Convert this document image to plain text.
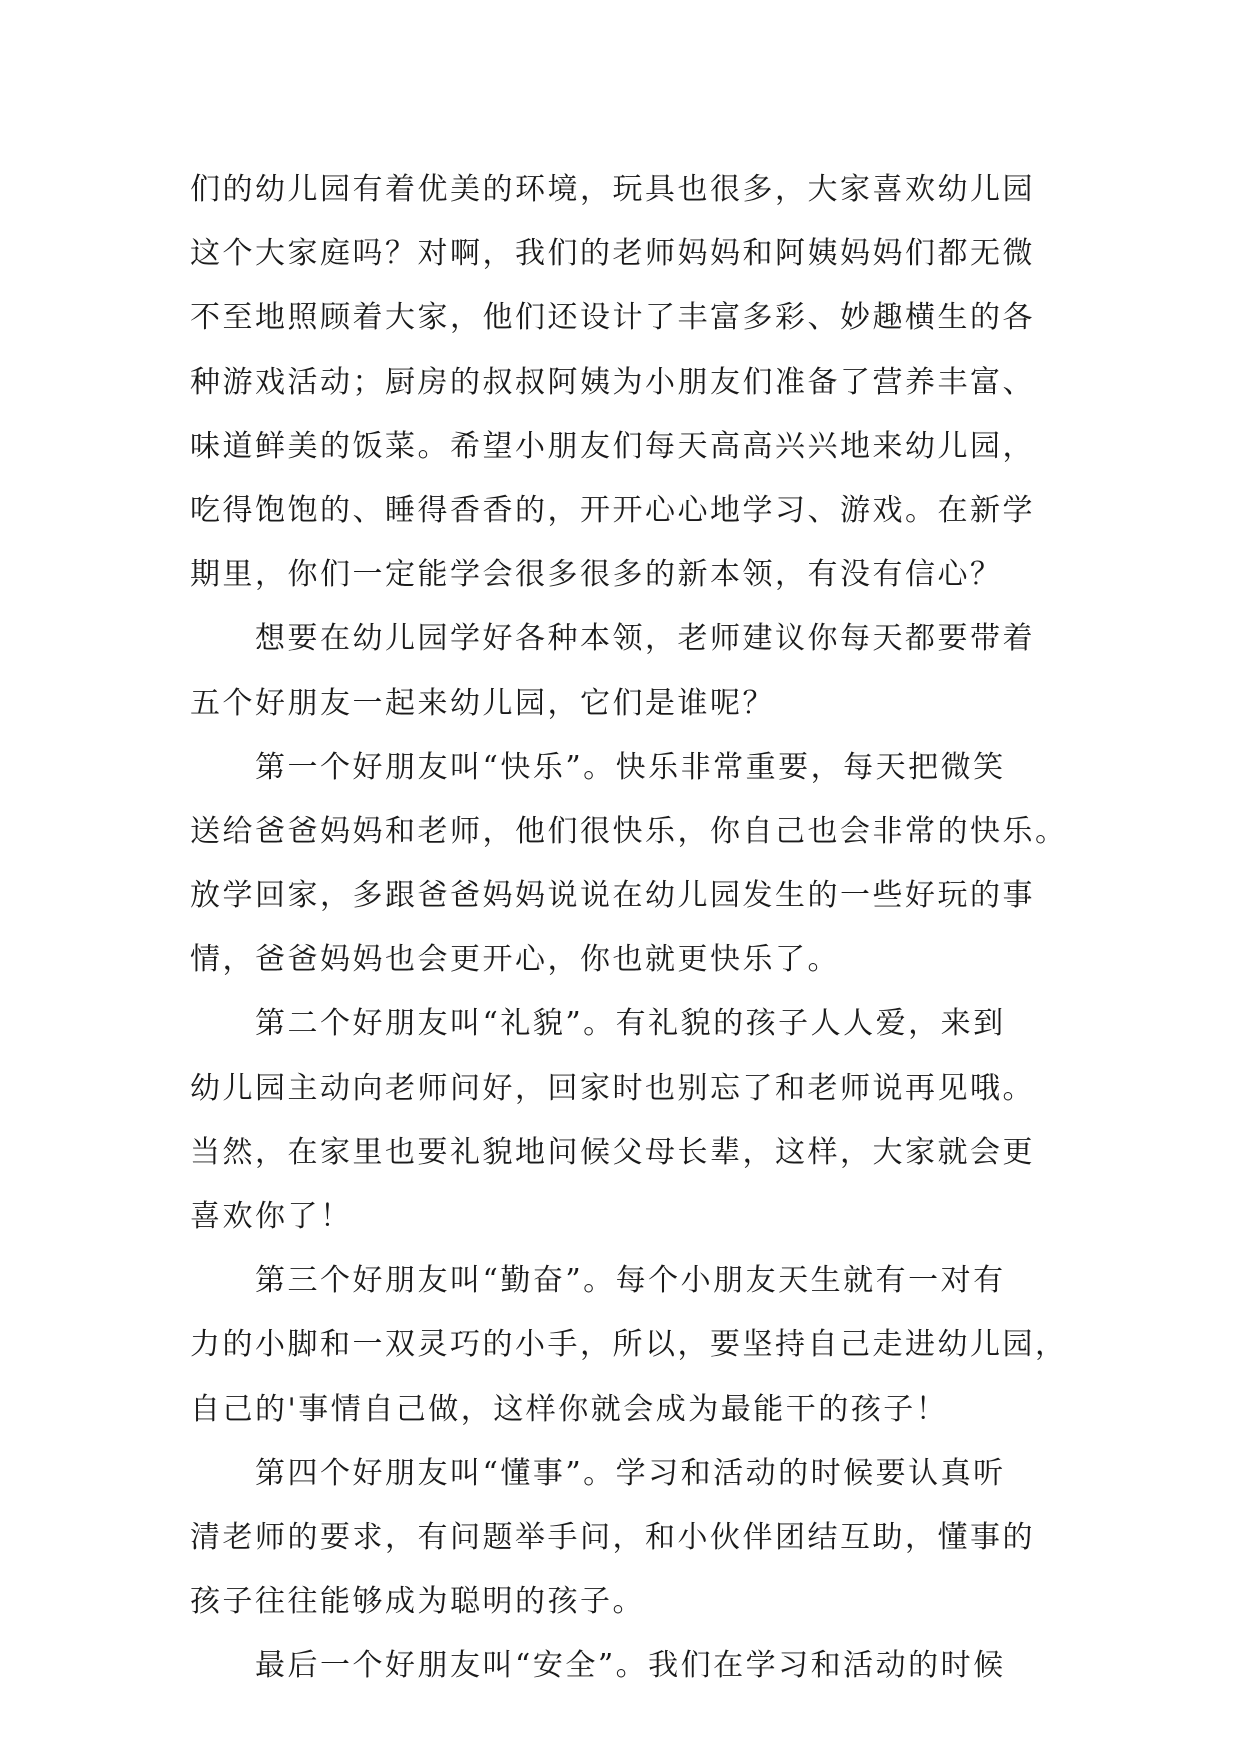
们的幼儿园有着优美的环境，玩具也很多，大家喜欢幼儿园
这个大家庭吗？对啊，我们的老师妈妈和阿姨妈妈们都无微
不至地照顾着大家，他们还设计了丰富多彩、妙趣横生的各
种游戏活动；厨房的叔叔阿姨为小朋友们准备了营养丰富、
味道鲜美的饭菜。希望小朋友们每天高高兴兴地来幼儿园，
吃得饱饱的、睡得香香的，开开心心地学习、游戏。在新学
期里，你们一定能学会很多很多的新本领，有没有信心？
想要在幼儿园学好各种本领，老师建议你每天都要带着
五个好朋友一起来幼儿园，它们是谁呢？
第一个好朋友叫“快乐”。快乐非常重要，每天把微笑
送给爸爸妈妈和老师，他们很快乐，你自己也会非常的快乐。
放学回家，多跟爸爸妈妈说说在幼儿园发生的一些好玩的事
情，爸爸妈妈也会更开心，你也就更快乐了。
第二个好朋友叫“礼貌”。有礼貌的孩子人人爱，来到
幼儿园主动向老师问好，回家时也别忘了和老师说再见哦。
当然，在家里也要礼貌地问候父母长辈，这样，大家就会更
喜欢你了！
第三个好朋友叫“勤奋”。每个小朋友天生就有一对有
力的小脚和一双灵巧的小手，所以，要坚持自己走进幼儿园，
自己的'事情自己做，这样你就会成为最能干的孩子！
第四个好朋友叫“懂事”。学习和活动的时候要认真听
清老师的要求，有问题举手问，和小伙伴团结互助，懂事的
孩子往往能够成为聪明的孩子。
最后一个好朋友叫“安全”。我们在学习和活动的时候
